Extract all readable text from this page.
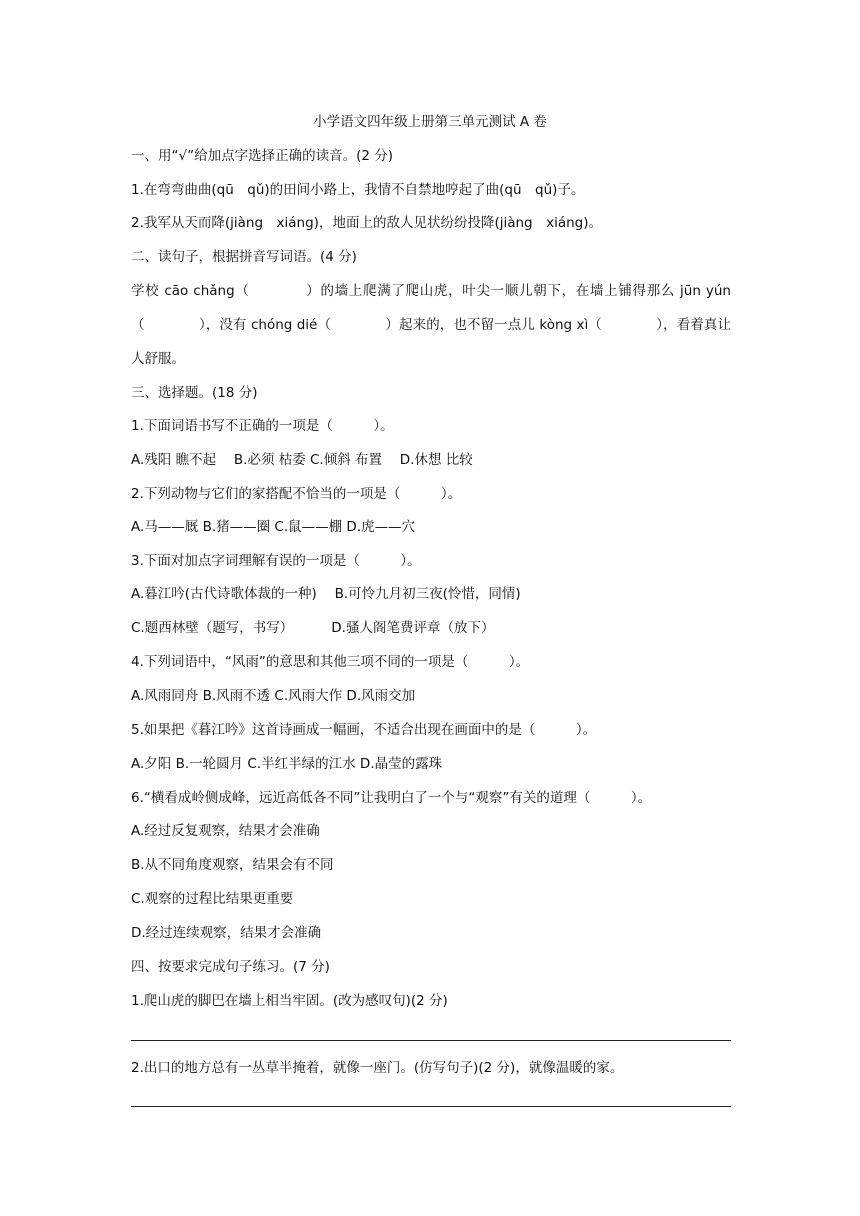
小学语文四年级上册第三单元测试 A 卷
一、用“√”给加点字选择正确的读音。(2 分)
1.在弯弯曲曲(qū　qǔ)的田间小路上，我情不自禁地哼起了曲(qū　qǔ)子。
2.我军从天而降(jiàng　xiáng)，地面上的敌人见状纷纷投降(jiàng　xiáng)。
二、读句子，根据拼音写词语。(4 分)
学校 cāo chǎng（　　　　）的墙上爬满了爬山虎，叶尖一顺儿朝下，在墙上铺得那么 jūn yún
（　　　　），没有 chóng dié（　　　　）起来的，也不留一点儿 kòng xì（　　　　），看着真让
人舒服。
三、选择题。(18 分)
1.下面词语书写不正确的一项是（　　　）。
A.残阳 瞧不起　 B.必须 枯委 C.倾斜 布置　 D.休想 比较
2.下列动物与它们的家搭配不恰当的一项是（　　　）。
A.马——厩 B.猪——圈 C.鼠——棚 D.虎——穴
3.下面对加点字词理解有误的一项是（　　　）。
A.暮江吟(古代诗歌体裁的一种)　 B.可怜九月初三夜(怜惜，同情)
C.题西林壁（题写，书写）　　　 D.骚人阁笔费评章（放下）
4.下列词语中，“风雨”的意思和其他三项不同的一项是（　　　）。
A.风雨同舟 B.风雨不透 C.风雨大作 D.风雨交加
5.如果把《暮江吟》这首诗画成一幅画，不适合出现在画面中的是（　　　）。
A.夕阳 B.一轮圆月 C.半红半绿的江水 D.晶莹的露珠
6.“横看成岭侧成峰，远近高低各不同”让我明白了一个与“观察”有关的道理（　　　）。
A.经过反复观察，结果才会准确
B.从不同角度观察，结果会有不同
C.观察的过程比结果更重要
D.经过连续观察，结果才会准确
四、按要求完成句子练习。(7 分)
1.爬山虎的脚巴在墙上相当牢固。(改为感叹句)(2 分)
2.出口的地方总有一丛草半掩着，就像一座门。(仿写句子)(2 分)，就像温暖的家。
